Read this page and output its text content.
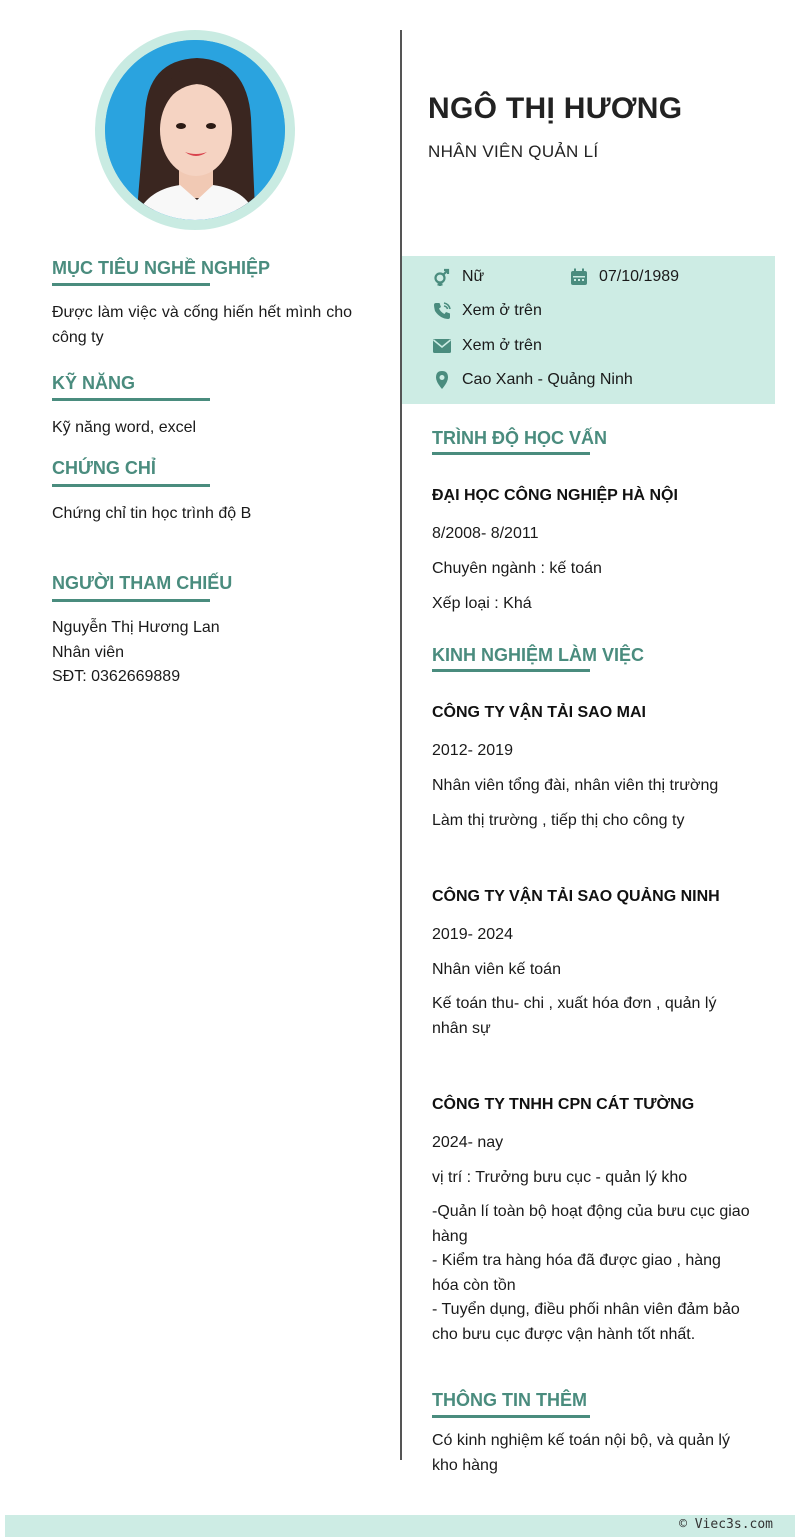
MỤC TIÊU NGHỀ NGHIỆP
Được làm việc và cống hiến hết mình cho công ty
KỸ NĂNG
Kỹ năng word, excel
CHỨNG CHỈ
Chứng chỉ tin học trình độ B
NGƯỜI THAM CHIẾU
Nguyễn Thị Hương Lan
Nhân viên
SĐT: 0362669889
NGÔ THỊ HƯƠNG
NHÂN VIÊN QUẢN LÍ
Nữ	07/10/1989
Xem ở trên
Xem ở trên
Cao Xanh - Quảng Ninh
TRÌNH ĐỘ HỌC VẤN
ĐẠI HỌC CÔNG NGHIỆP HÀ NỘI
8/2008- 8/2011
Chuyên ngành : kế toán
Xếp loại : Khá
KINH NGHIỆM LÀM VIỆC
CÔNG TY VẬN TẢI SAO MAI
2012- 2019
Nhân viên tổng đài, nhân viên thị trường
Làm thị trường , tiếp thị cho công ty
CÔNG TY VẬN TẢI SAO QUẢNG NINH
2019- 2024
Nhân viên kế toán
Kế toán thu- chi , xuất hóa đơn , quản lý nhân sự
CÔNG TY TNHH CPN CÁT TƯỜNG
2024- nay
vị trí : Trưởng bưu cục - quản lý kho
-Quản lí toàn bộ hoạt động của bưu cục giao hàng
- Kiểm tra hàng hóa đã được giao , hàng hóa còn tồn
- Tuyển dụng, điều phối nhân viên đảm bảo cho bưu cục được vận hành tốt nhất.
THÔNG TIN THÊM
Có kinh nghiệm kế toán nội bộ, và quản lý kho hàng
© Viec3s.com
